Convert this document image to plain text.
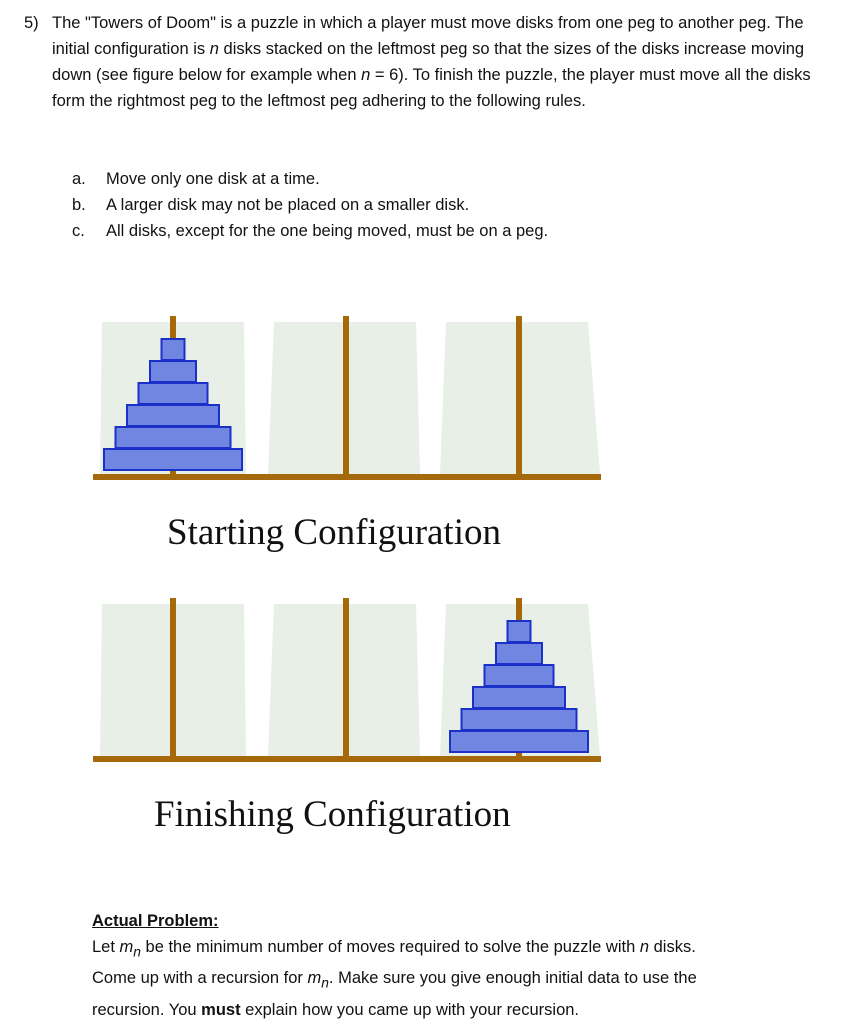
5) The "Towers of Doom" is a puzzle in which a player must move disks from one peg to another peg. The initial configuration is n disks stacked on the leftmost peg so that the sizes of the disks increase moving down (see figure below for example when n = 6). To finish the puzzle, the player must move all the disks form the rightmost peg to the leftmost peg adhering to the following rules.
a.	Move only one disk at a time.
b.	A larger disk may not be placed on a smaller disk.
c.	All disks, except for the one being moved, must be on a peg.
Starting Configuration
Finishing Configuration
Actual Problem:
Let $m_n$ be the minimum number of moves required to solve the puzzle with n disks.
Come up with a recursion for $m_n$. Make sure you give enough initial data to use the
recursion. You must explain how you came up with your recursion.
